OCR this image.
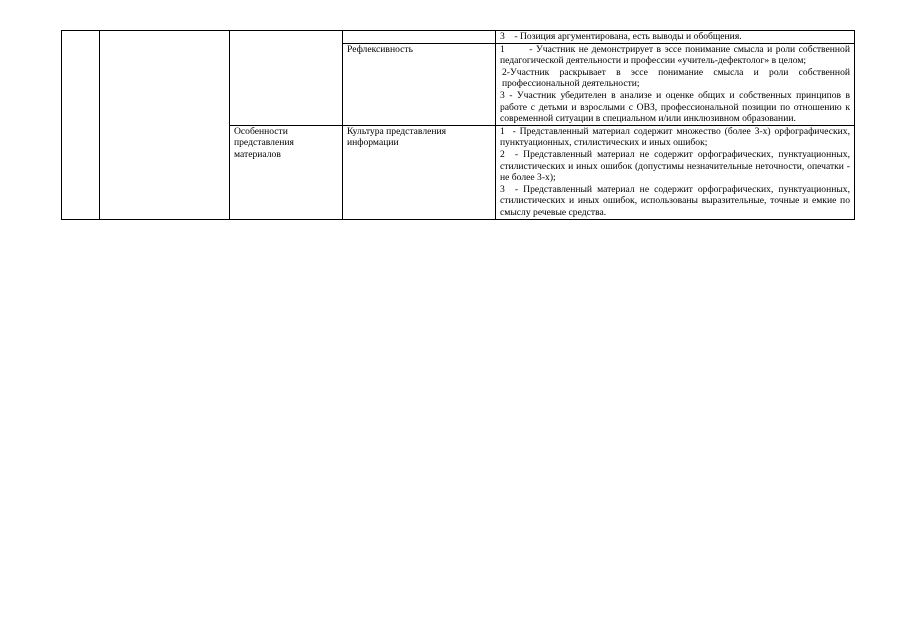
				3 - Позиция аргументирована, есть выводы и обобщения.

			Рефлексивность	1 - Участник не демонстрирует в эссе понимание смысла и роли собственной педагогической деятельности и профессии «учитель-дефектолог» в целом;

2-Участник раскрывает в эссе понимание смысла и роли собственной профессиональной деятельности;

3 - Участник убедителен в анализе и оценке общих и собственных принципов в работе с детьми и взрослыми с ОВЗ, профессиональной позиции по отношению к современной ситуации в специальном и/или инклюзивном образовании.

		Особенности представления материалов	Культура представления информации	1 - Представленный материал содержит множество (более 3-х) орфографических, пунктуационных, стилистических и иных ошибок;

2 - Представленный материал не содержит орфографических, пунктуационных, стилистических и иных ошибок (допустимы незначительные неточности, опечатки - не более 3-х);

3 - Представленный материал не содержит орфографических, пунктуационных, стилистических и иных ошибок, использованы выразительные, точные и емкие по смыслу речевые средства.
